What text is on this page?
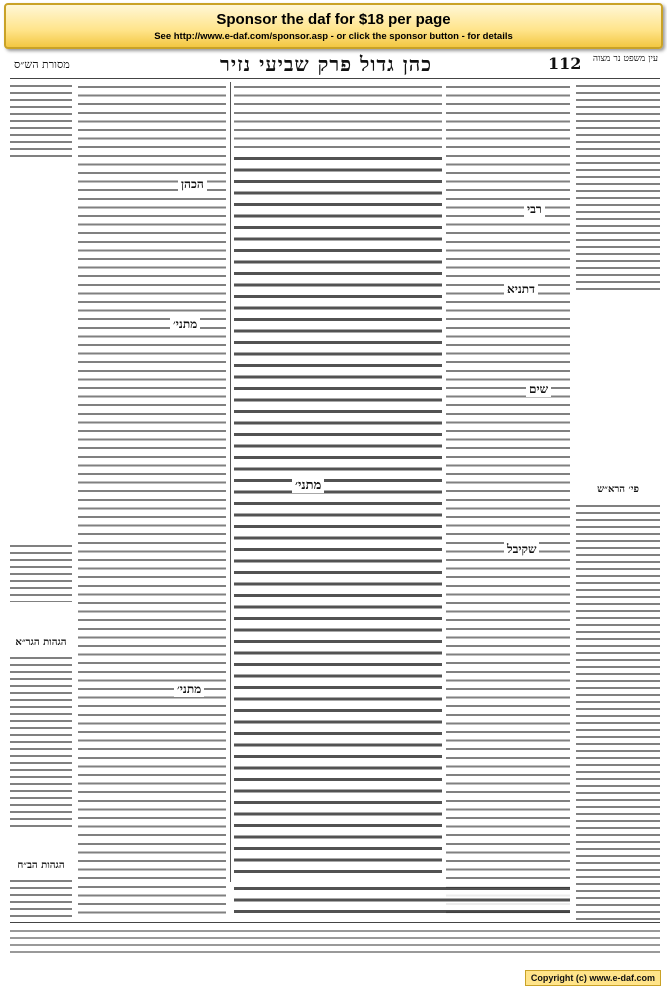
Sponsor the daf for $18 per page
See http://www.e-daf.com/sponsor.asp - or click the sponsor button - for details
מסורת הש״ס	כהן גדול פרק שביעי נזיר	112	עין משפט נר מצוה
הגהות הגר״א
הגהות הב״ח
הכהן
מתני׳
מתני׳
מתני׳
רבי
דתניא
שים
שקיבל
פי׳ הרא״ש
Copyright (c) www.e-daf.com
